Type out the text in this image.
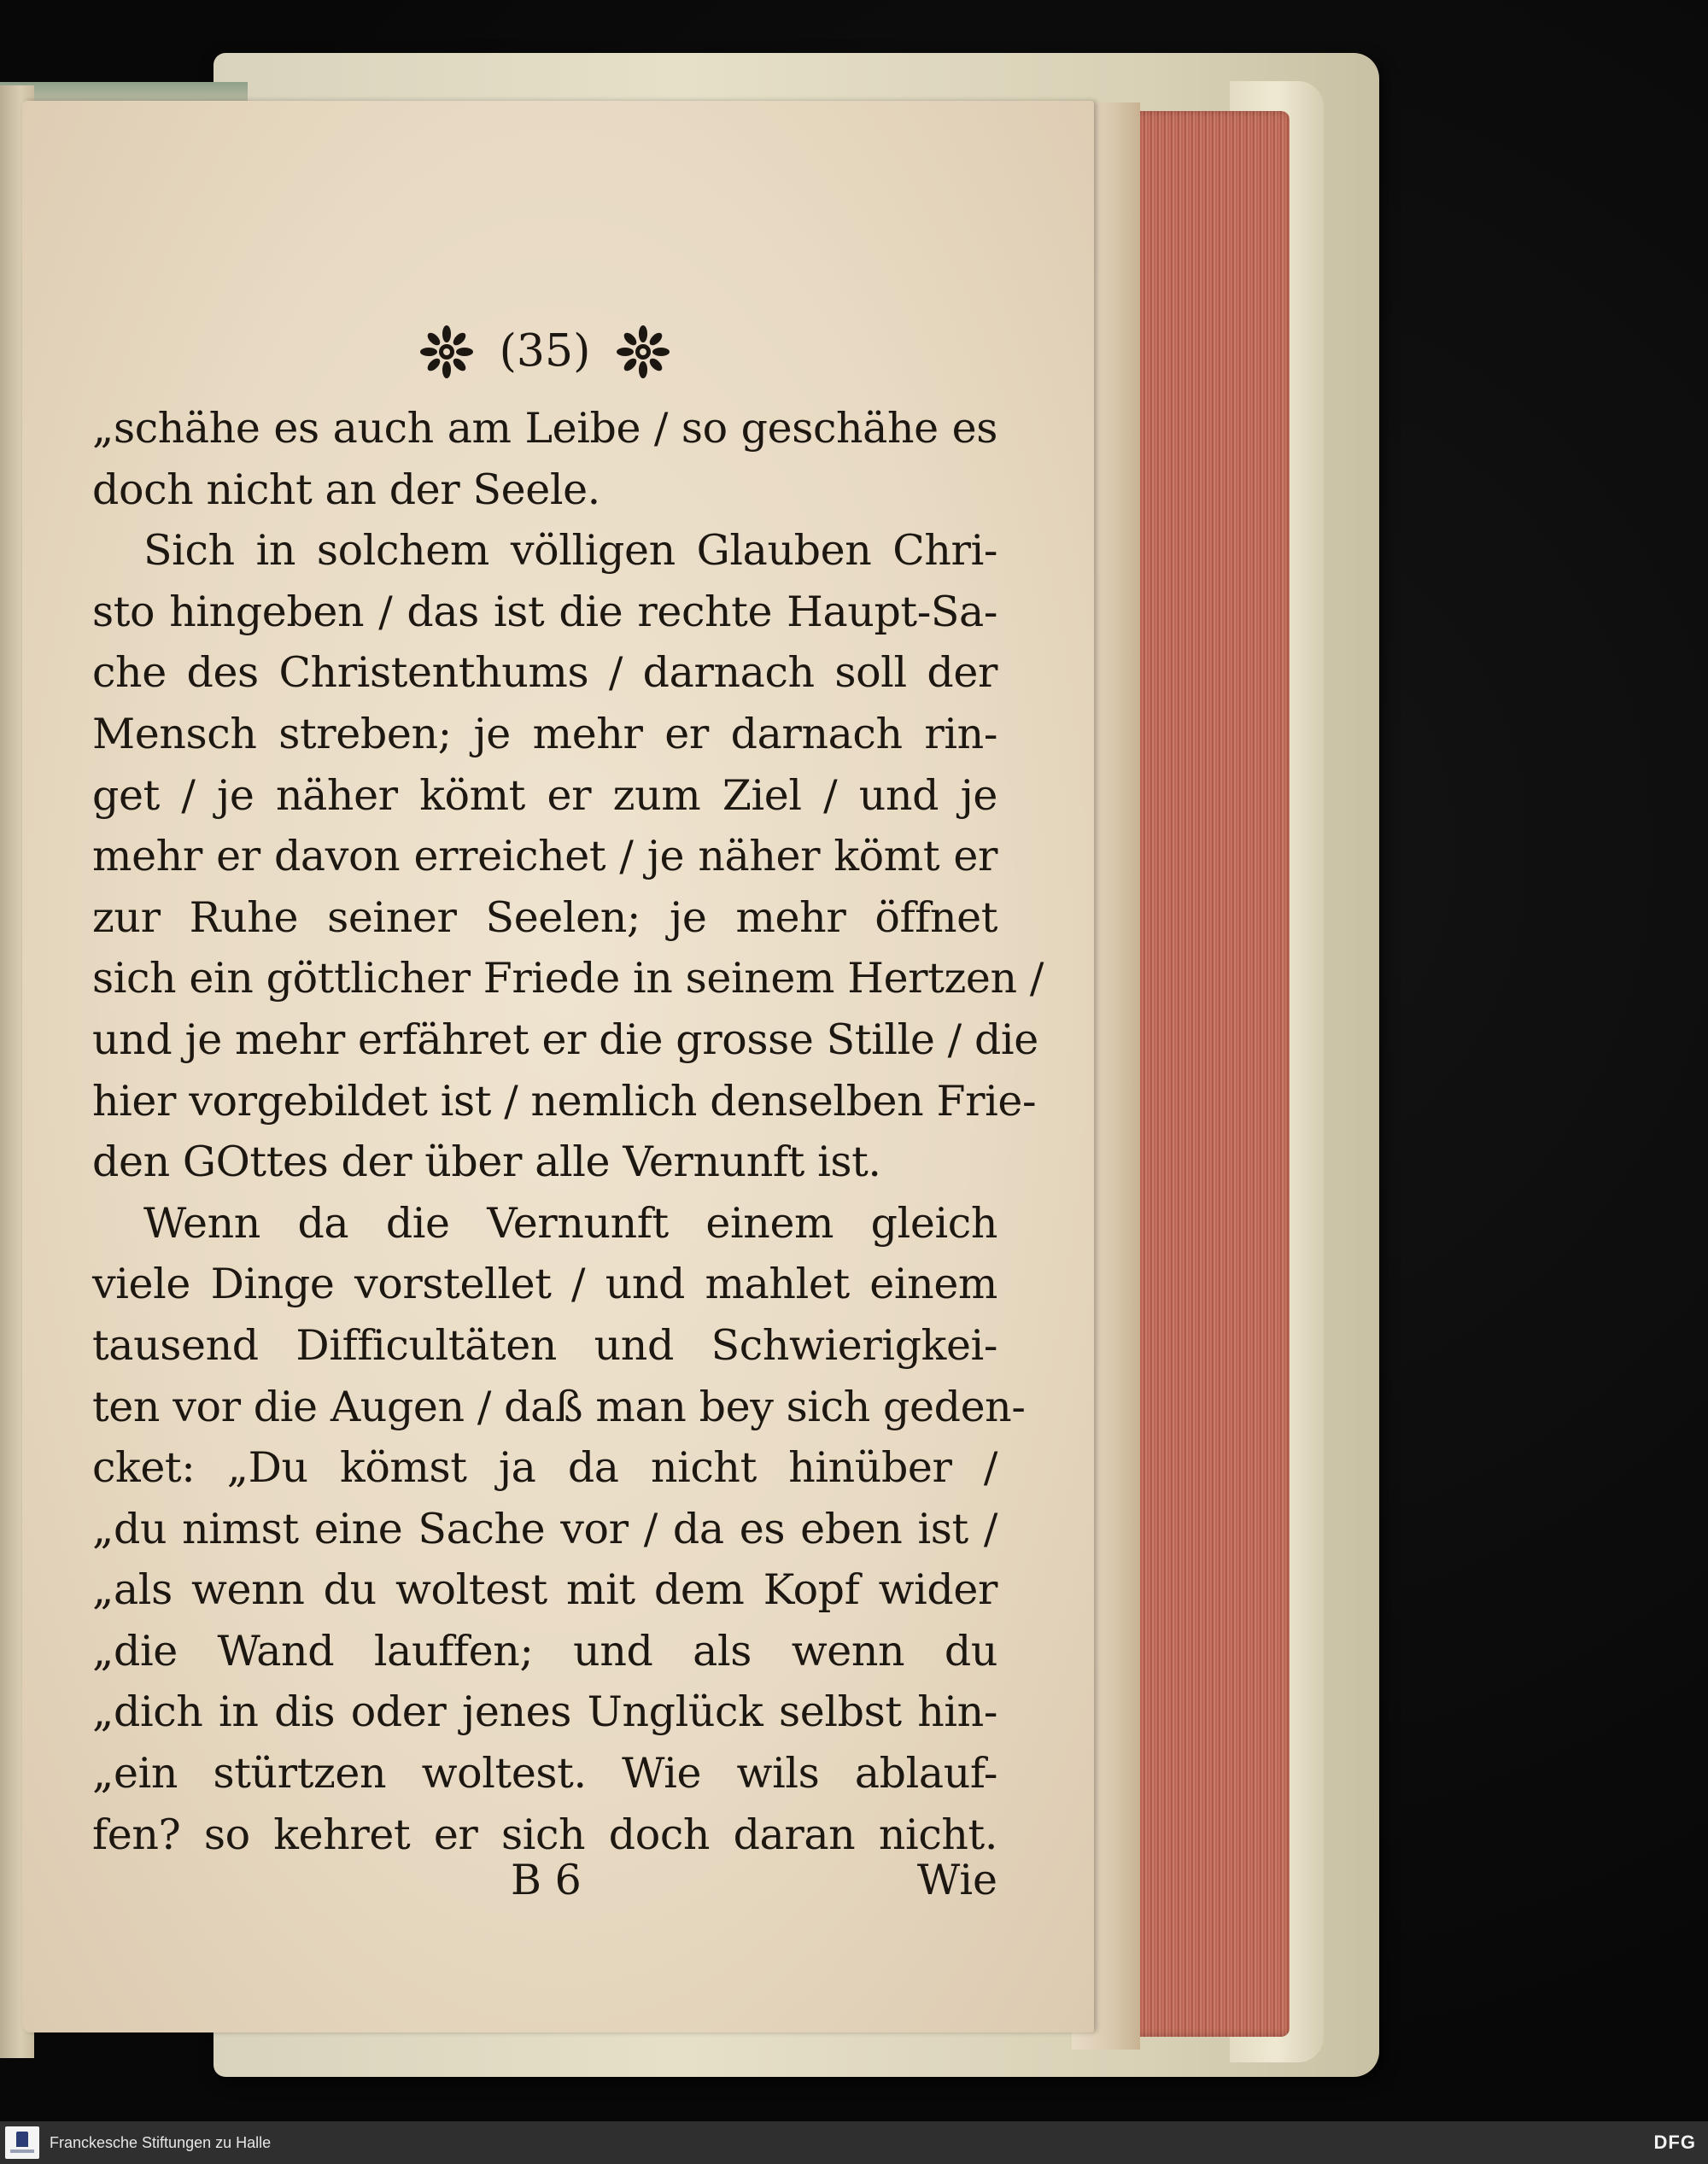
(35)
„schähe es auch am Leibe / so geschähe es
doch nicht an der Seele.
Sich in solchem völligen Glauben Chri-
sto hingeben / das ist die rechte Haupt-Sa-
che des Christenthums / darnach soll der
Mensch streben; je mehr er darnach rin-
get / je näher kömt er zum Ziel / und je
mehr er davon erreichet / je näher kömt er
zur Ruhe seiner Seelen; je mehr öffnet
sich ein göttlicher Friede in seinem Hertzen /
und je mehr erfähret er die grosse Stille / die
hier vorgebildet ist / nemlich denselben Frie-
den GOttes der über alle Vernunft ist.
Wenn da die Vernunft einem gleich
viele Dinge vorstellet / und mahlet einem
tausend Difficultäten und Schwierigkei-
ten vor die Augen / daß man bey sich geden-
cket: „Du kömst ja da nicht hinüber /
„du nimst eine Sache vor / da es eben ist /
„als wenn du woltest mit dem Kopf wider
„die Wand lauffen; und als wenn du
„dich in dis oder jenes Unglück selbst hin-
„ein stürtzen woltest. Wie wils ablauf-
fen? so kehret er sich doch daran nicht.
B 6	Wie
Franckesche Stiftungen zu Halle	DFG
